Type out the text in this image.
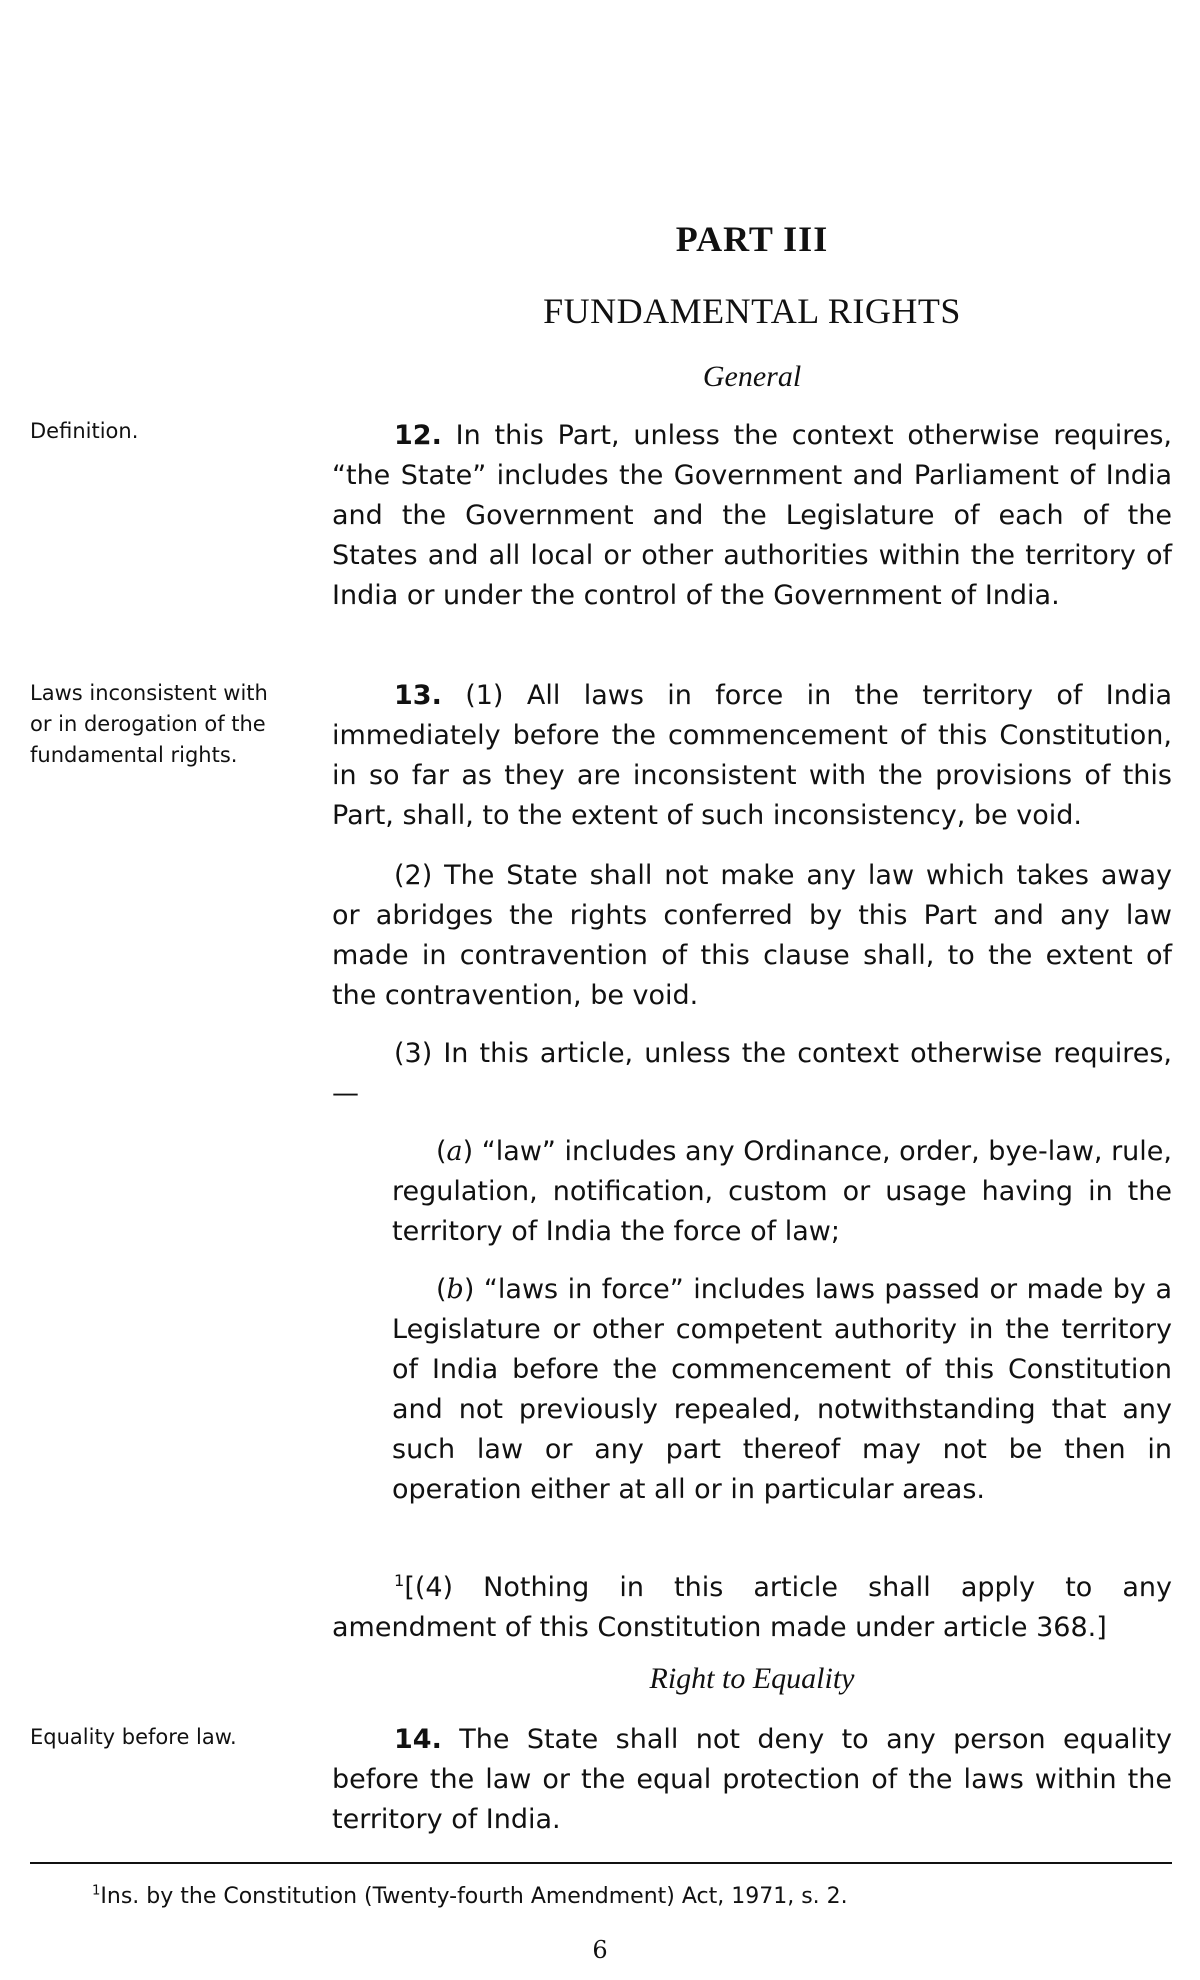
PART III
FUNDAMENTAL RIGHTS
General
Definition.	12. In this Part, unless the context otherwise requires, “the State” includes the Government and Parliament of India and the Government and the Legislature of each of the States and all local or other authorities within the territory of India or under the control of the Government of India.

Laws inconsistent with or in derogation of the fundamental rights.

13. (1) All laws in force in the territory of India immediately before the commencement of this Constitution, in so far as they are inconsistent with the provisions of this Part, shall, to the extent of such inconsistency, be void.

(2) The State shall not make any law which takes away or abridges the rights conferred by this Part and any law made in contravention of this clause shall, to the extent of the contravention, be void.

(3) In this article, unless the context otherwise requires,—

(a) “law” includes any Ordinance, order, bye-law, rule, regulation, notification, custom or usage having in the territory of India the force of law;

(b) “laws in force” includes laws passed or made by a Legislature or other competent authority in the territory of India before the commencement of this Constitution and not previously repealed, notwithstanding that any such law or any part thereof may not be then in operation either at all or in particular areas.

$^1$[(4) Nothing in this article shall apply to any amendment of this Constitution made under article 368.]

Right to Equality
Equality before law.	14. The State shall not deny to any person equality before the law or the equal protection of the laws within the territory of India.

$^1$Ins. by the Constitution (Twenty-fourth Amendment) Act, 1971, s. 2.
6
